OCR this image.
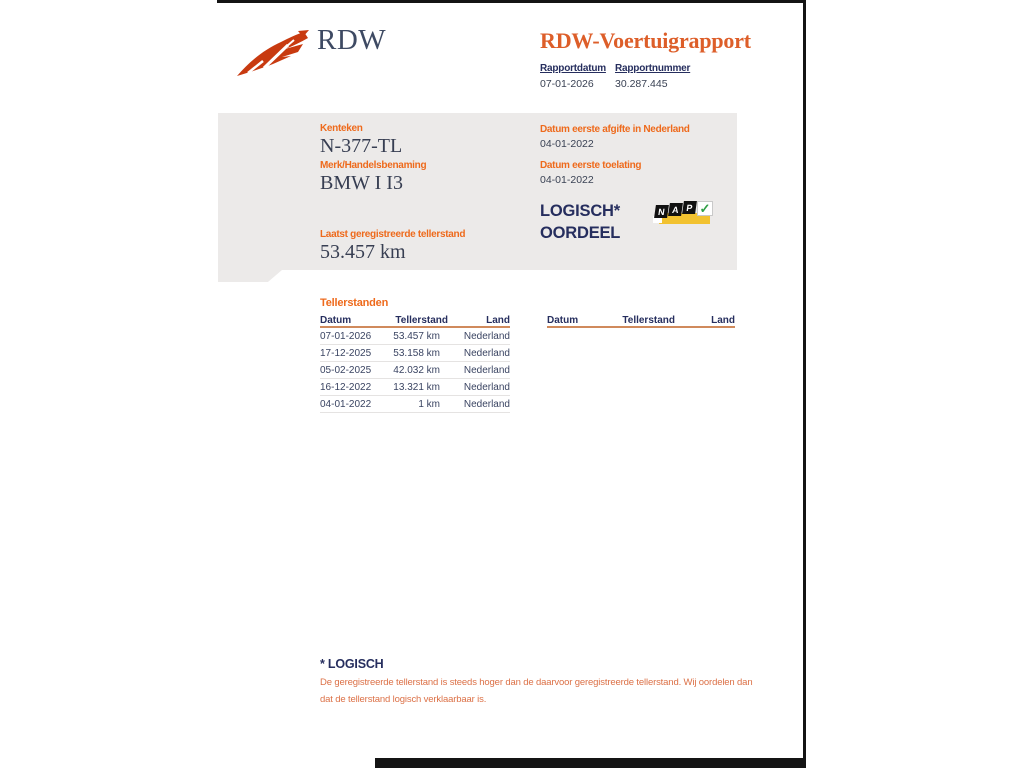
RDW	RDW-Voertuigrapport
Rapportdatum Rapportnummer
07-01-2026 30.287.445
Kenteken
N-377-TL
Merk/Handelsbenaming
BMW I I3
Laatst geregistreerde tellerstand
53.457 km
Datum eerste afgifte in Nederland
04-01-2022
Datum eerste toelating
04-01-2022
LOGISCH*
OORDEEL
N A P ✓
Tellerstanden
Datum	Tellerstand	Land
07-01-2026	53.457 km	Nederland
17-12-2025	53.158 km	Nederland
05-02-2025	42.032 km	Nederland
16-12-2022	13.321 km	Nederland
04-01-2022	1 km	Nederland
Datum	Tellerstand	Land
* LOGISCH
De geregistreerde tellerstand is steeds hoger dan de daarvoor geregistreerde tellerstand. Wij oordelen dan dat de tellerstand logisch verklaarbaar is.
